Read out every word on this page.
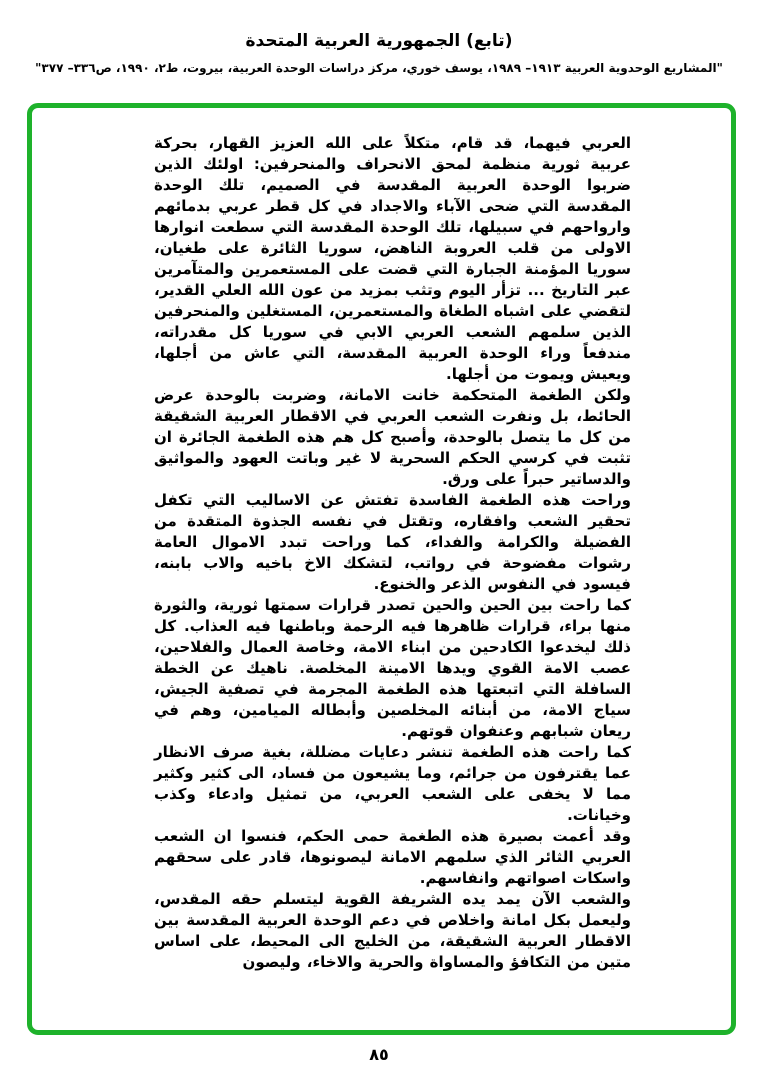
(تابع) الجمهورية العربية المتحدة
"المشاريع الوحدوية العربية ١٩١٣– ١٩٨٩، يوسف خوري، مركز دراسات الوحدة العربية، بيروت، ط٢، ١٩٩٠، ص٣٣٦– ٣٧٧"

العربي فيهما، قد قام، متكلاً على الله العزيز القهار، بحركة عربية ثورية منظمة لمحق الانحراف والمنحرفين: اولئك الذين ضربوا الوحدة العربية المقدسة في الصميم، تلك الوحدة المقدسة التي ضحى الآباء والاجداد في كل قطر عربي بدمائهم وارواحهم في سبيلها، تلك الوحدة المقدسة التي سطعت انوارها الاولى من قلب العروبة الناهض، سوريا الثائرة على طغيان، سوريا المؤمنة الجبارة التي قضت على المستعمرين والمتآمرين عبر التاريخ ... تزأر اليوم وتثب بمزيد من عون الله العلي القدير، لتقضي على اشباه الطغاة والمستعمرين، المستغلين والمنحرفين الذين سلمهم الشعب العربي الابي في سوريا كل مقدراته، مندفعاً وراء الوحدة العربية المقدسة، التي عاش من أجلها، ويعيش ويموت من أجلها.

ولكن الطغمة المتحكمة خانت الامانة، وضربت بالوحدة عرض الحائط، بل ونفرت الشعب العربي في الاقطار العربية الشقيقة من كل ما يتصل بالوحدة، وأصبح كل هم هذه الطغمة الجائرة ان تثبت في كرسي الحكم السحرية لا غير وباتت العهود والمواثيق والدساتير حبراً على ورق.

وراحت هذه الطغمة الفاسدة تفتش عن الاساليب التي تكفل تحقير الشعب وافقاره، وتقتل في نفسه الجذوة المتقدة من الفضيلة والكرامة والفداء، كما وراحت تبدد الاموال العامة رشوات مفضوحة في رواتب، لتشكك الاخ باخيه والاب بابنه، فيسود في النفوس الذعر والخنوع.

كما راحت بين الحين والحين تصدر قرارات سمتها ثورية، والثورة منها براء، قرارات ظاهرها فيه الرحمة وباطنها فيه العذاب. كل ذلك ليخدعوا الكادحين من ابناء الامة، وخاصة العمال والفلاحين، عصب الامة القوي ويدها الامينة المخلصة. ناهيك عن الخطة السافلة التي اتبعتها هذه الطغمة المجرمة في تصفية الجيش، سياج الامة، من أبنائه المخلصين وأبطاله الميامين، وهم في ريعان شبابهم وعنفوان قوتهم.

كما راحت هذه الطغمة تنشر دعايات مضللة، بغية صرف الانظار عما يقترفون من جرائم، وما يشيعون من فساد، الى كثير وكثير مما لا يخفى على الشعب العربي، من تمثيل وادعاء وكذب وخيانات.

وقد أعمت بصيرة هذه الطغمة حمى الحكم، فنسوا ان الشعب العربي الثائر الذي سلمهم الامانة ليصونوها، قادر على سحقهم واسكات اصواتهم وانفاسهم.

والشعب الآن يمد يده الشريفة القوية ليتسلم حقه المقدس، وليعمل بكل امانة واخلاص في دعم الوحدة العربية المقدسة بين الاقطار العربية الشقيقة، من الخليج الى المحيط، على اساس متين من التكافؤ والمساواة والحرية والاخاء، وليصون

٨٥
